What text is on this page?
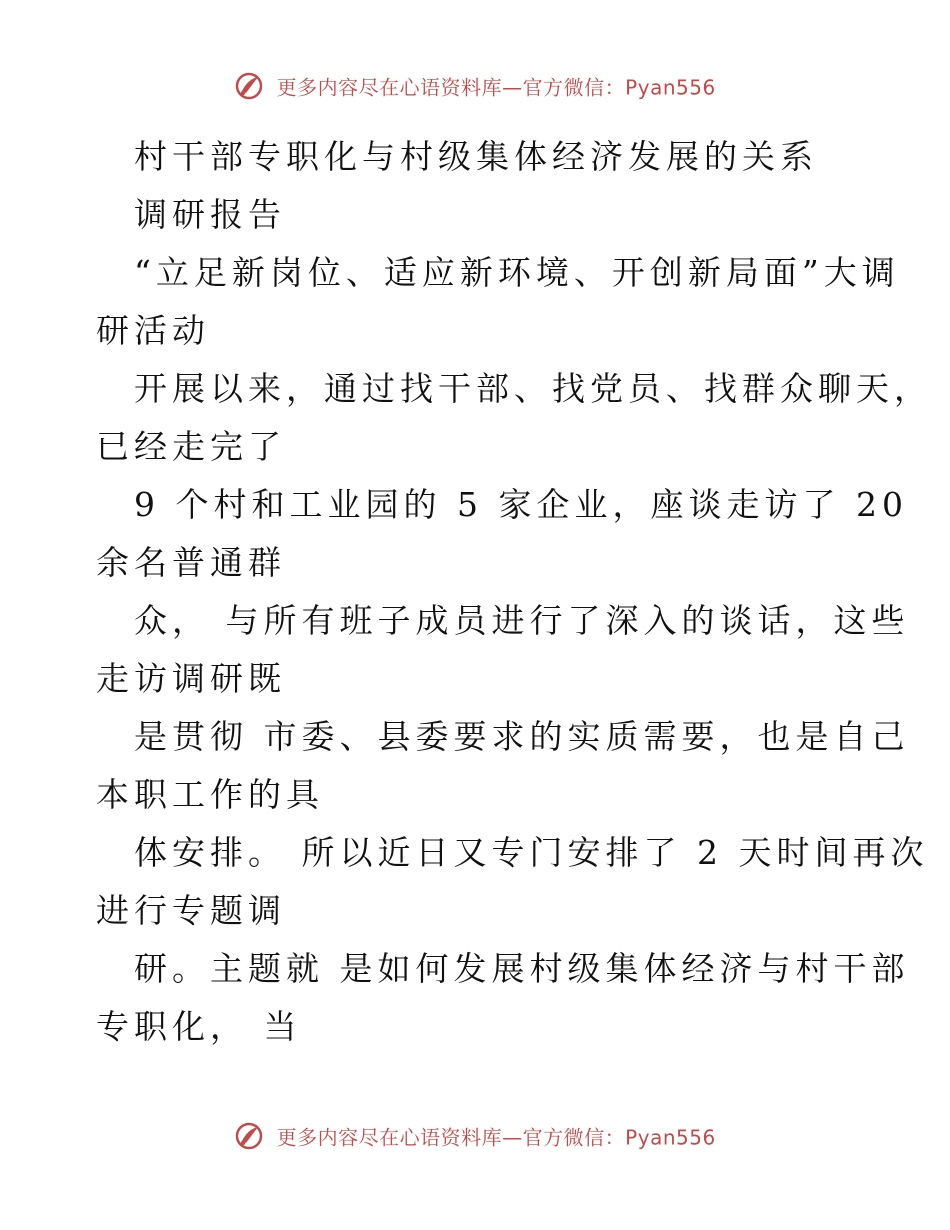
更多内容尽在心语资料库—官方微信：Pyan556
村干部专职化与村级集体经济发展的关系
调研报告
“立足新岗位、适应新环境、开创新局面”大调
研活动
开展以来，通过找干部、找党员、找群众聊天，
已经走完了
9 个村和工业园的 5 家企业，座谈走访了 20
余名普通群
众， 与所有班子成员进行了深入的谈话，这些
走访调研既
是贯彻 市委、县委要求的实质需要，也是自己
本职工作的具
体安排。 所以近日又专门安排了 2 天时间再次
进行专题调
研。主题就 是如何发展村级集体经济与村干部
专职化， 当
更多内容尽在心语资料库—官方微信：Pyan556
